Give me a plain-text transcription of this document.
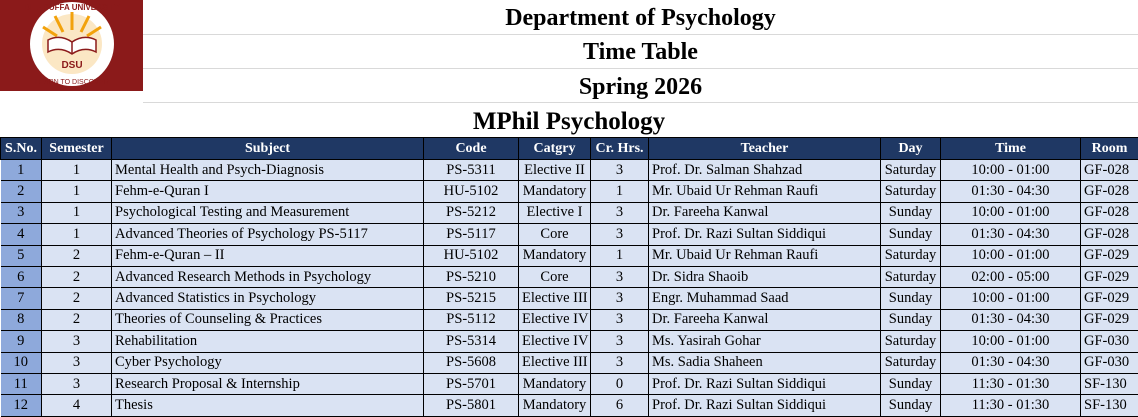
DSU
LEARN TO DISCOVER
DHA SUFFA UNIVERSITY	Department of Psychology
Time Table
Spring 2026
MPhil Psychology
S.No.	Semester	Subject	Code	Catgry	Cr. Hrs.	Teacher	Day	Time	Room
1	1	Mental Health and Psych-Diagnosis	PS-5311	Elective II	3	Prof. Dr. Salman Shahzad	Saturday	10:00 - 01:00	GF-028
2	1	Fehm-e-Quran I	HU-5102	Mandatory	1	Mr. Ubaid Ur Rehman Raufi	Saturday	01:30 - 04:30	GF-028
3	1	Psychological Testing and Measurement	PS-5212	Elective I	3	Dr. Fareeha Kanwal	Sunday	10:00 - 01:00	GF-028
4	1	Advanced Theories of Psychology PS-5117	PS-5117	Core	3	Prof. Dr. Razi Sultan Siddiqui	Sunday	01:30 - 04:30	GF-028
5	2	Fehm-e-Quran – II	HU-5102	Mandatory	1	Mr. Ubaid Ur Rehman Raufi	Saturday	10:00 - 01:00	GF-029
6	2	Advanced Research Methods in Psychology	PS-5210	Core	3	Dr. Sidra Shaoib	Saturday	02:00 - 05:00	GF-029
7	2	Advanced Statistics in Psychology	PS-5215	Elective III	3	Engr. Muhammad Saad	Sunday	10:00 - 01:00	GF-029
8	2	Theories of Counseling & Practices	PS-5112	Elective IV	3	Dr. Fareeha Kanwal	Sunday	01:30 - 04:30	GF-029
9	3	Rehabilitation	PS-5314	Elective IV	3	Ms. Yasirah Gohar	Saturday	10:00 - 01:00	GF-030
10	3	Cyber Psychology	PS-5608	Elective III	3	Ms. Sadia Shaheen	Saturday	01:30 - 04:30	GF-030
11	3	Research Proposal & Internship	PS-5701	Mandatory	0	Prof. Dr. Razi Sultan Siddiqui	Sunday	11:30 - 01:30	SF-130
12	4	Thesis	PS-5801	Mandatory	6	Prof. Dr. Razi Sultan Siddiqui	Sunday	11:30 - 01:30	SF-130
